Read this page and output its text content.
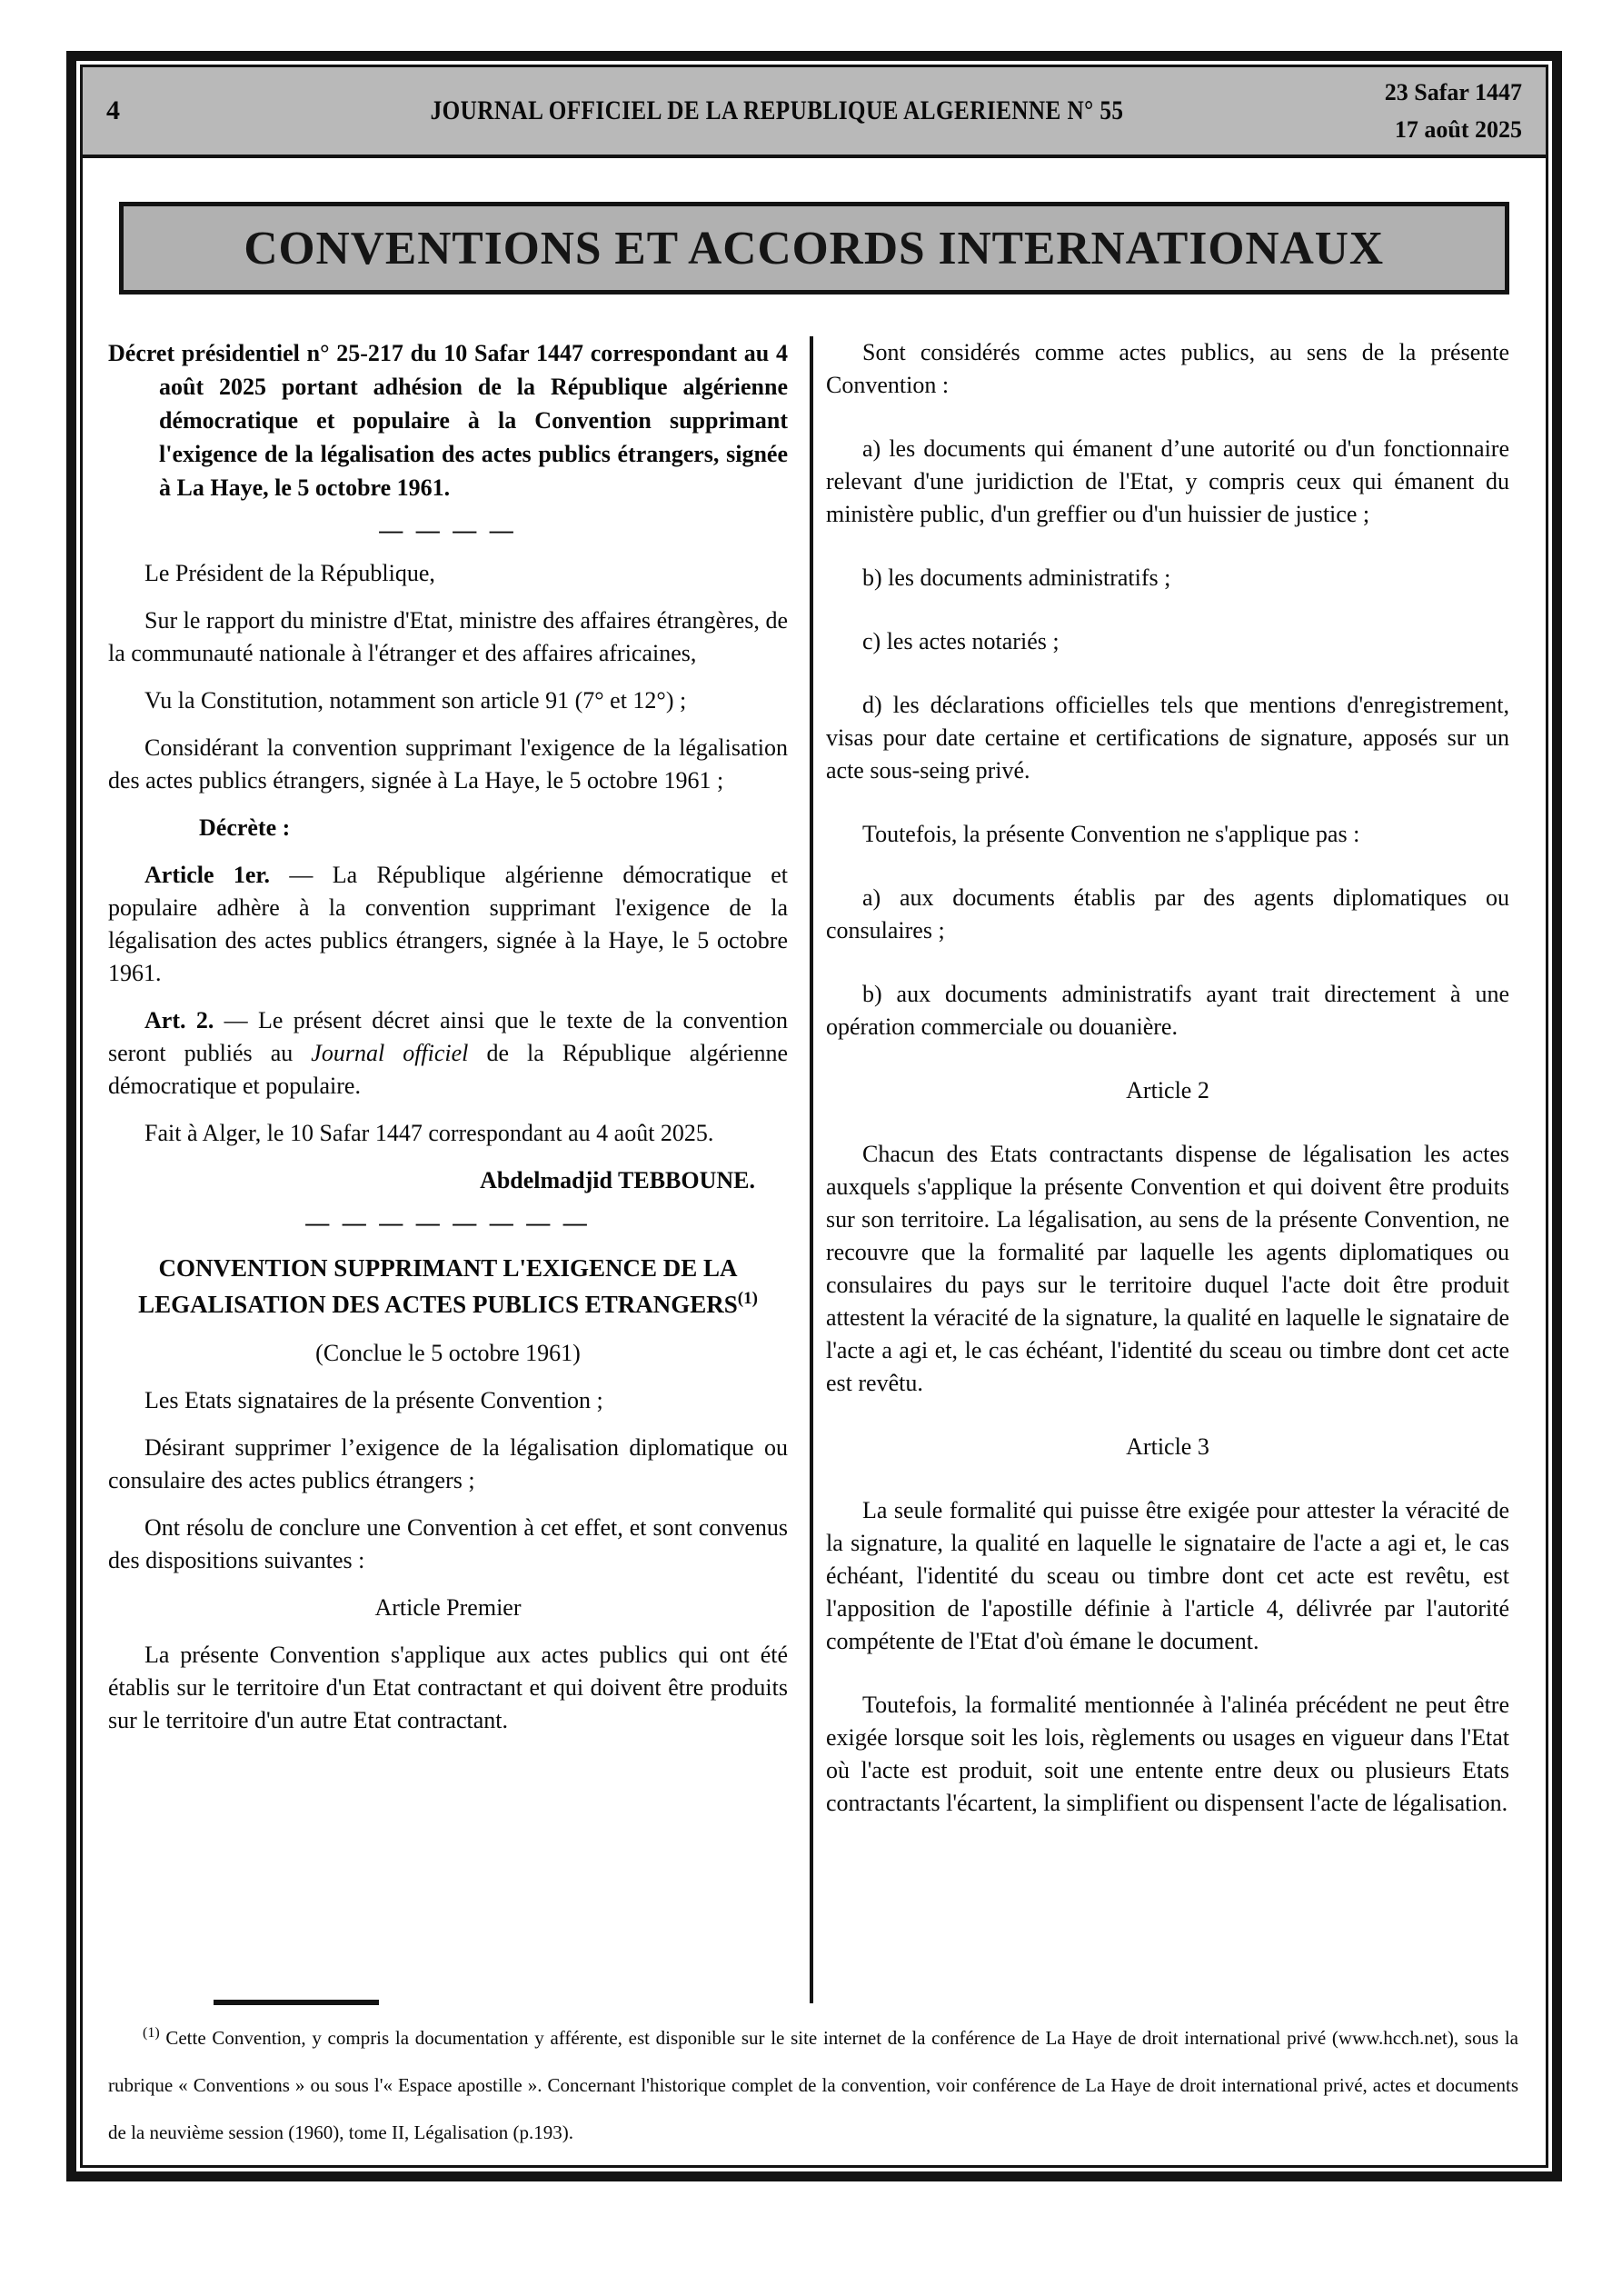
4	JOURNAL OFFICIEL DE LA REPUBLIQUE ALGERIENNE N° 55
23 Safar 1447
17 août 2025
CONVENTIONS ET ACCORDS INTERNATIONAUX

Décret présidentiel n° 25-217 du 10 Safar 1447 correspondant au 4 août 2025 portant adhésion de la République algérienne démocratique et populaire à la Convention supprimant l'exigence de la légalisation des actes publics étrangers, signée à La Haye, le 5 octobre 1961.

— — — —

Le Président de la République,

Sur le rapport du ministre d'Etat, ministre des affaires étrangères, de la communauté nationale à l'étranger et des affaires africaines,

Vu la Constitution, notamment son article 91 (7° et 12°) ;

Considérant la convention supprimant l'exigence de la légalisation des actes publics étrangers, signée à La Haye, le 5 octobre 1961 ;

Décrète :

Article 1er. — La République algérienne démocratique et populaire adhère à la convention supprimant l'exigence de la légalisation des actes publics étrangers, signée à la Haye, le 5 octobre 1961.

Art. 2. — Le présent décret ainsi que le texte de la convention seront publiés au Journal officiel de la République algérienne démocratique et populaire.

Fait à Alger, le 10 Safar 1447 correspondant au 4 août 2025.

Abdelmadjid TEBBOUNE.

— — — — — — — —

CONVENTION SUPPRIMANT L'EXIGENCE DE LA LEGALISATION DES ACTES PUBLICS ETRANGERS$^{(1)}$

(Conclue le 5 octobre 1961)

Les Etats signataires de la présente Convention ;

Désirant supprimer l’exigence de la légalisation diplomatique ou consulaire des actes publics étrangers ;

Ont résolu de conclure une Convention à cet effet, et sont convenus des dispositions suivantes :

Article Premier

La présente Convention s'applique aux actes publics qui ont été établis sur le territoire d'un Etat contractant et qui doivent être produits sur le territoire d'un autre Etat contractant.

Sont considérés comme actes publics, au sens de la présente Convention :

a) les documents qui émanent d’une autorité ou d'un fonctionnaire relevant d'une juridiction de l'Etat, y compris ceux qui émanent du ministère public, d'un greffier ou d'un huissier de justice ;

b) les documents administratifs ;

c) les actes notariés ;

d) les déclarations officielles tels que mentions d'enregistrement, visas pour date certaine et certifications de signature, apposés sur un acte sous-seing privé.

Toutefois, la présente Convention ne s'applique pas :

a) aux documents établis par des agents diplomatiques ou consulaires ;

b) aux documents administratifs ayant trait directement à une opération commerciale ou douanière.

Article 2

Chacun des Etats contractants dispense de légalisation les actes auxquels s'applique la présente Convention et qui doivent être produits sur son territoire. La légalisation, au sens de la présente Convention, ne recouvre que la formalité par laquelle les agents diplomatiques ou consulaires du pays sur le territoire duquel l'acte doit être produit attestent la véracité de la signature, la qualité en laquelle le signataire de l'acte a agi et, le cas échéant, l'identité du sceau ou timbre dont cet acte est revêtu.

Article 3

La seule formalité qui puisse être exigée pour attester la véracité de la signature, la qualité en laquelle le signataire de l'acte a agi et, le cas échéant, l'identité du sceau ou timbre dont cet acte est revêtu, est l'apposition de l'apostille définie à l'article 4, délivrée par l'autorité compétente de l'Etat d'où émane le document.

Toutefois, la formalité mentionnée à l'alinéa précédent ne peut être exigée lorsque soit les lois, règlements ou usages en vigueur dans l'Etat où l'acte est produit, soit une entente entre deux ou plusieurs Etats contractants l'écartent, la simplifient ou dispensent l'acte de légalisation.

$^{(1)}$ Cette Convention, y compris la documentation y afférente, est disponible sur le site internet de la conférence de La Haye de droit international privé (www.hcch.net), sous la rubrique « Conventions » ou sous l'« Espace apostille ». Concernant l'historique complet de la convention, voir conférence de La Haye de droit international privé, actes et documents de la neuvième session (1960), tome II, Légalisation (p.193).
